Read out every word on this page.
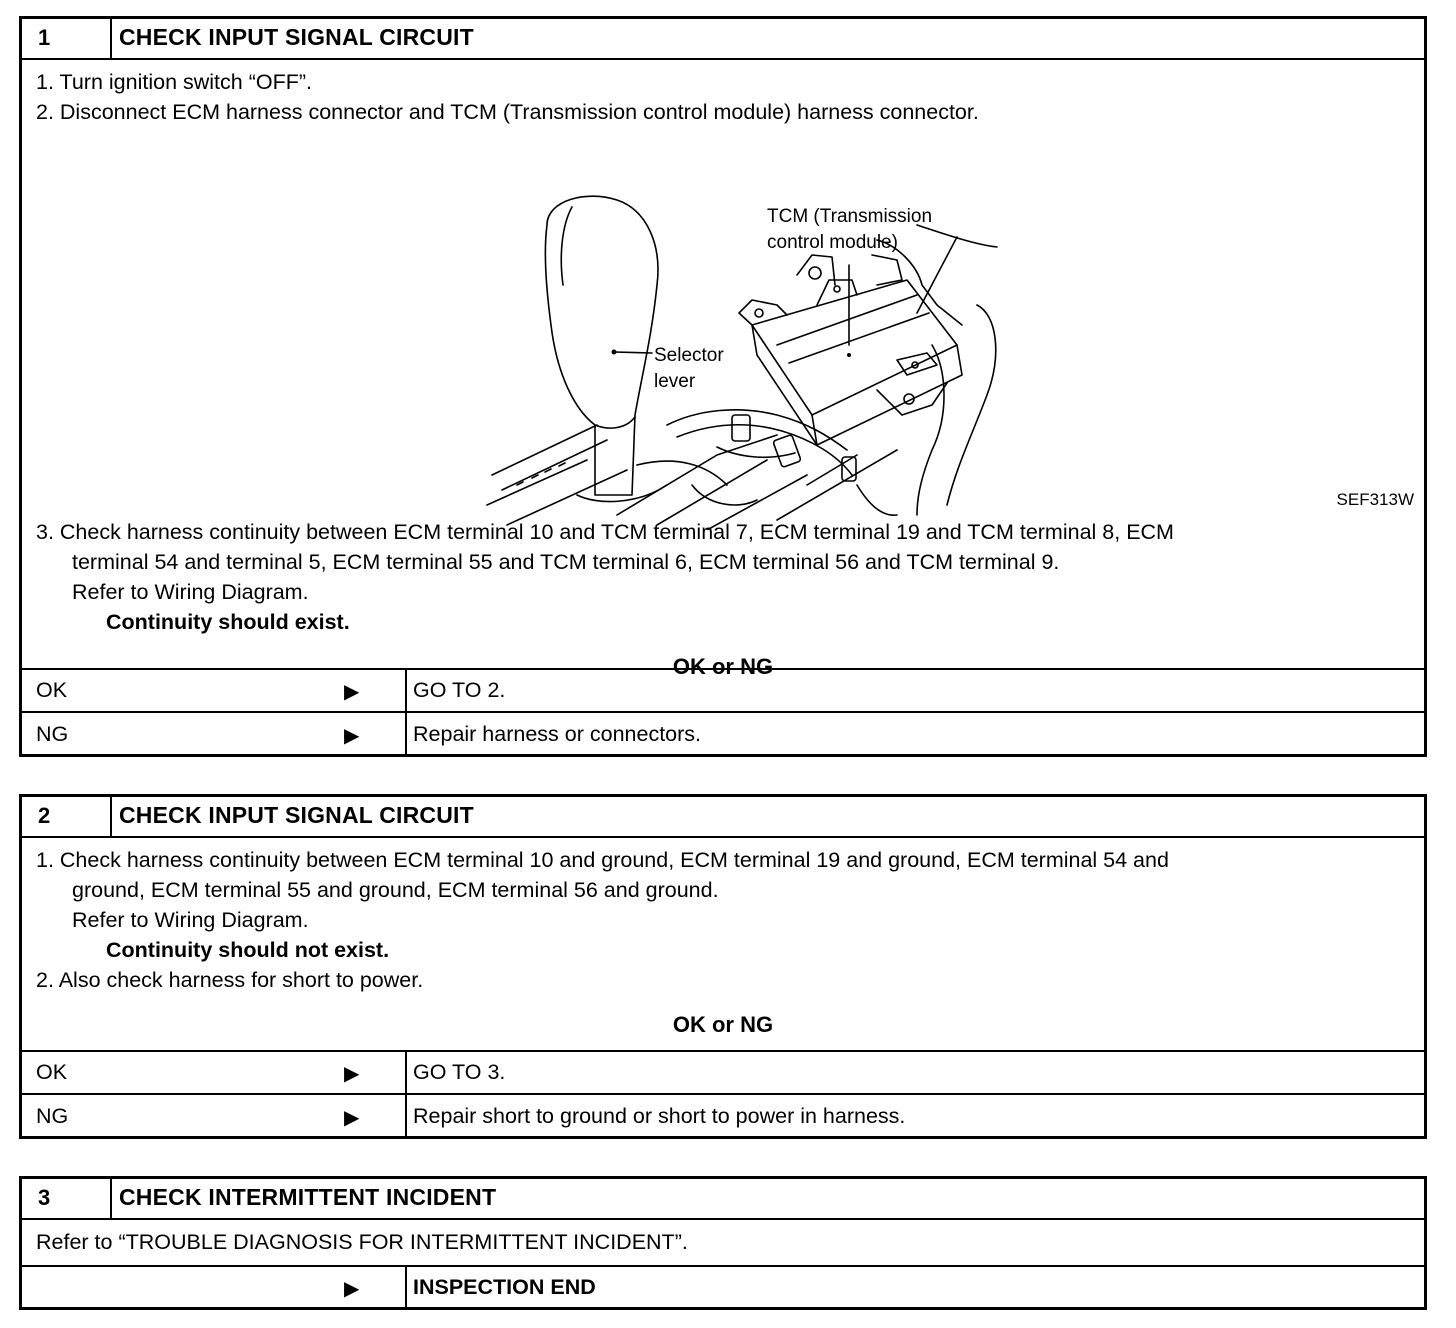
1	CHECK INPUT SIGNAL CIRCUIT
1. Turn ignition switch “OFF”.
2. Disconnect ECM harness connector and TCM (Transmission control module) harness connector.
TCM (Transmission
control module)
Selector
lever
SEF313W
3. Check harness continuity between ECM terminal 10 and TCM terminal 7, ECM terminal 19 and TCM terminal 8, ECM
terminal 54 and terminal 5, ECM terminal 55 and TCM terminal 6, ECM terminal 56 and TCM terminal 9.
Refer to Wiring Diagram.
Continuity should exist.
OK or NG
OK	▶ GO TO 2.
NG	▶ Repair harness or connectors.
2	CHECK INPUT SIGNAL CIRCUIT
1. Check harness continuity between ECM terminal 10 and ground, ECM terminal 19 and ground, ECM terminal 54 and
ground, ECM terminal 55 and ground, ECM terminal 56 and ground.
Refer to Wiring Diagram.
Continuity should not exist.
2. Also check harness for short to power.
OK or NG
OK	▶ GO TO 3.
NG	▶ Repair short to ground or short to power in harness.
3	CHECK INTERMITTENT INCIDENT
Refer to “TROUBLE DIAGNOSIS FOR INTERMITTENT INCIDENT”.
▶ INSPECTION END
